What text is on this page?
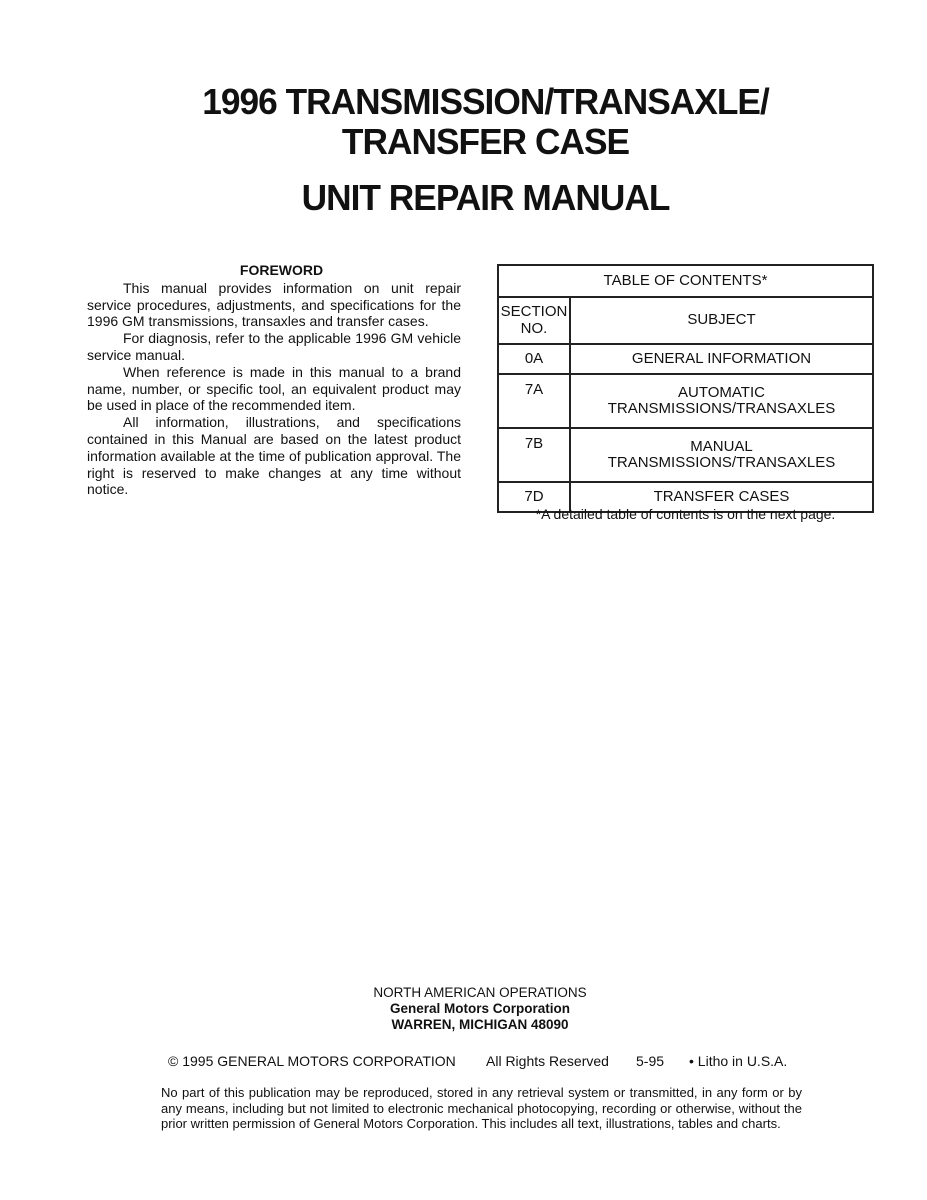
1996 TRANSMISSION/TRANSAXLE/
TRANSFER CASE
UNIT REPAIR MANUAL
FOREWORD

This manual provides information on unit repair service procedures, adjustments, and specifications for the 1996 GM transmissions, transaxles and transfer cases.

For diagnosis, refer to the applicable 1996 GM vehicle service manual.

When reference is made in this manual to a brand name, number, or specific tool, an equivalent product may be used in place of the recommended item.

All information, illustrations, and specifications contained in this Manual are based on the latest product information available at the time of publication approval. The right is reserved to make changes at any time without notice.

TABLE OF CONTENTS*	

SECTION
NO.	SUBJECT
0A	GENERAL INFORMATION

7A	AUTOMATIC
TRANSMISSIONS/TRANSAXLES

7B	MANUAL
TRANSMISSIONS/TRANSAXLES

7D	TRANSFER CASES
*A detailed table of contents is on the next page.
NORTH AMERICAN OPERATIONS
General Motors Corporation
WARREN, MICHIGAN 48090
© 1995 GENERAL MOTORS CORPORATION All Rights Reserved 5-95 • Litho in U.S.A.
No part of this publication may be reproduced, stored in any retrieval system or transmitted, in any form or by any means, including but not limited to electronic mechanical photocopying, recording or otherwise, without the prior written permission of General Motors Corporation. This includes all text, illustrations, tables and charts.
